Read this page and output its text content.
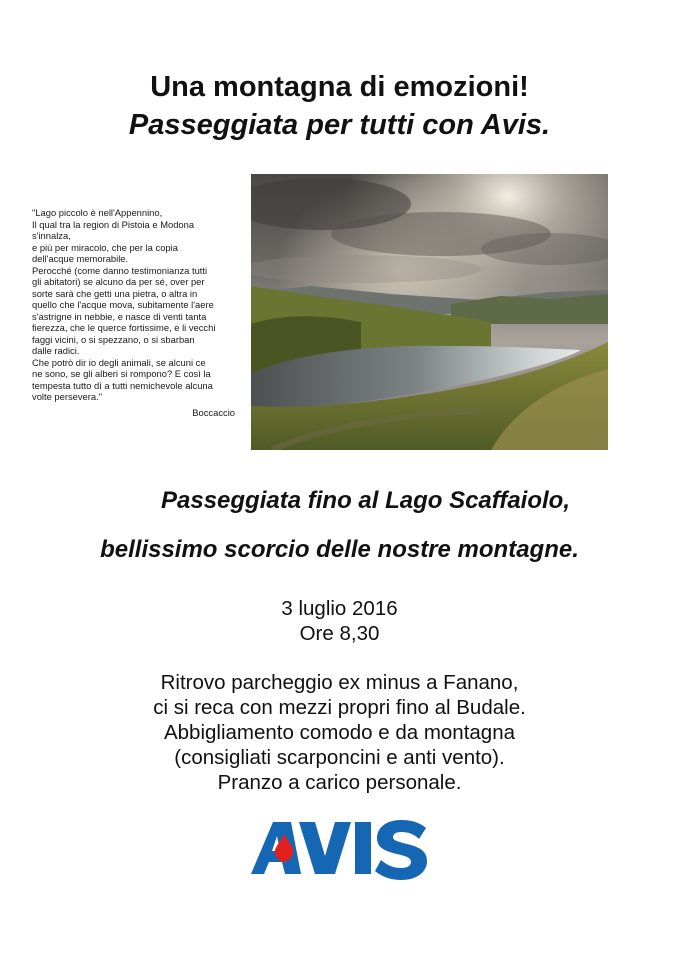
Una montagna di emozioni!
Passeggiata per tutti con Avis.
"Lago piccolo è nell'Appennino,
Il qual tra la region di Pistoia e Modona
s'innalza,
e più per miracolo, che per la copia
dell'acque memorabile.
Perocché (come danno testimonianza tutti
gli abitatori) se alcuno da per sé, over per
sorte sarà che getti una pietra, o altra in
quello che l'acque mova, subitamente l'aere
s'astrigne in nebbie, e nasce di venti tanta
fierezza, che le querce fortissime, e li vecchi
faggi vicini, o si spezzano, o si sbarban
dalle radici.
Che potrò dir io degli animali, se alcuni ce
ne sono, se gli alberi si rompono? E così la
tempesta tutto dì a tutti nemichevole alcuna
volte persevera."
Boccaccio
Passeggiata fino al Lago Scaffaiolo,
bellissimo scorcio delle nostre montagne.
3 luglio 2016
Ore 8,30
Ritrovo parcheggio ex minus a Fanano,
ci si reca con mezzi propri fino al Budale.
Abbigliamento comodo e da montagna
(consigliati scarponcini e anti vento).
Pranzo a carico personale.
